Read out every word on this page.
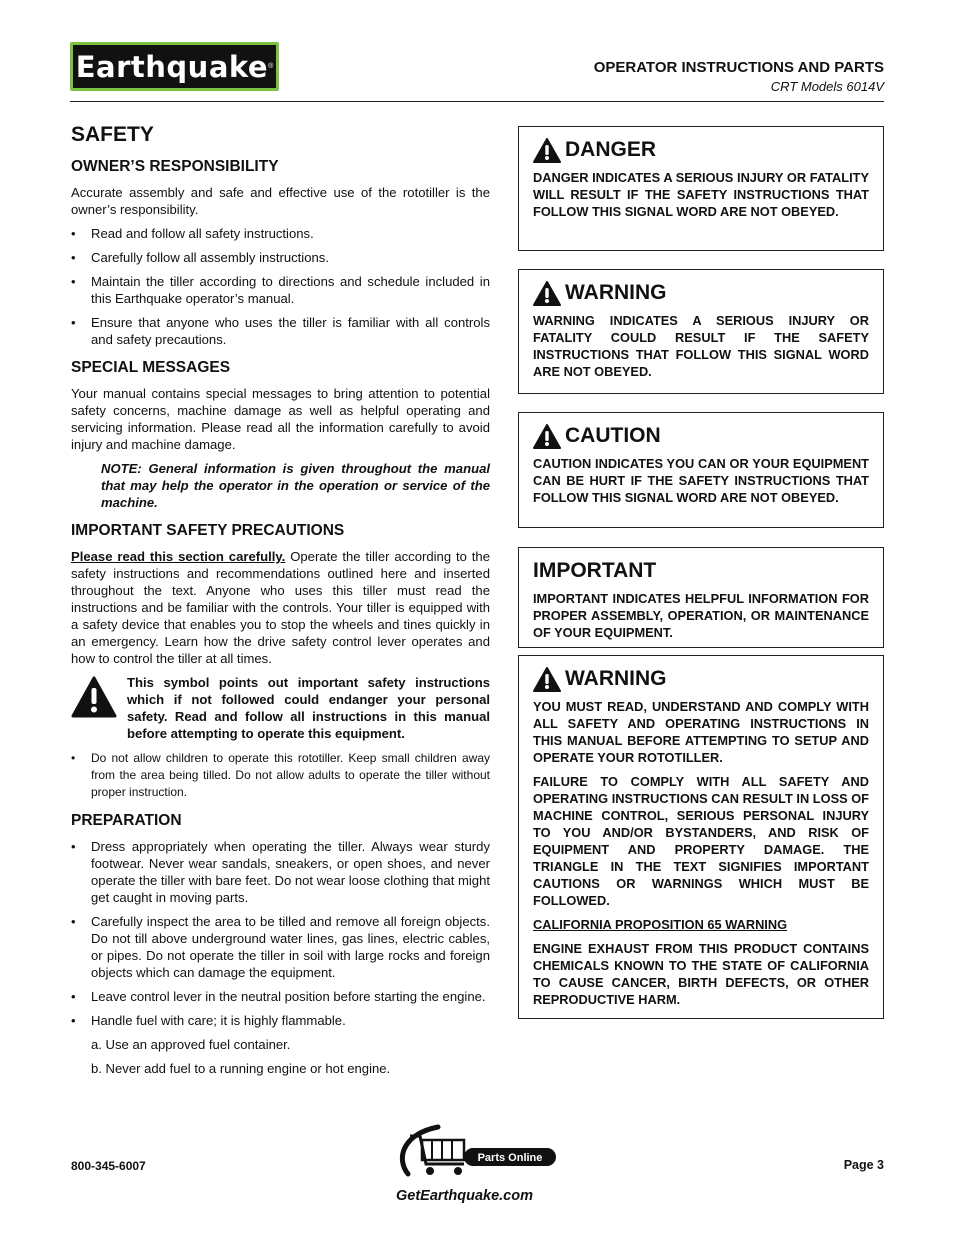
Earthquake ®	OPERATOR INSTRUCTIONS AND PARTS
CRT Models 6014V
SAFETY
OWNER’S RESPONSIBILITY

Accurate assembly and safe and effective use of the rototiller is the owner’s responsibility.

• Read and follow all safety instructions.
• Carefully follow all assembly instructions.
• Maintain the tiller according to directions and schedule included in this Earthquake operator’s manual.
• Ensure that anyone who uses the tiller is familiar with all controls and safety precautions.
SPECIAL MESSAGES

Your manual contains special messages to bring attention to potential safety concerns, machine damage as well as helpful operating and servicing information. Please read all the information carefully to avoid injury and machine damage.

NOTE: General information is given throughout the manual that may help the operator in the operation or service of the machine.

IMPORTANT SAFETY PRECAUTIONS

Please read this section carefully. Operate the tiller according to the safety instructions and recommendations outlined here and inserted throughout the text. Anyone who uses this tiller must read the instructions and be familiar with the controls. Your tiller is equipped with a safety device that enables you to stop the wheels and tines quickly in an emergency. Learn how the drive safety control lever operates and how to control the tiller at all times.

This symbol points out important safety instructions which if not followed could endanger your personal safety. Read and follow all instructions in this manual before attempting to operate this equipment.
• Do not allow children to operate this rototiller. Keep small children away from the area being tilled. Do not allow adults to operate the tiller without proper instruction.
PREPARATION
• Dress appropriately when operating the tiller. Always wear sturdy footwear. Never wear sandals, sneakers, or open shoes, and never operate the tiller with bare feet. Do not wear loose clothing that might get caught in moving parts.
• Carefully inspect the area to be tilled and remove all foreign objects. Do not till above underground water lines, gas lines, electric cables, or pipes. Do not operate the tiller in soil with large rocks and foreign objects which can damage the equipment.
• Leave control lever in the neutral position before starting the engine.
• Handle fuel with care; it is highly flammable.

a. Use an approved fuel container.

b. Never add fuel to a running engine or hot engine.

DANGER

DANGER INDICATES A SERIOUS INJURY OR FATALITY WILL RESULT IF THE SAFETY INSTRUCTIONS THAT FOLLOW THIS SIGNAL WORD ARE NOT OBEYED.

WARNING

WARNING INDICATES A SERIOUS INJURY OR FATALITY COULD RESULT IF THE SAFETY INSTRUCTIONS THAT FOLLOW THIS SIGNAL WORD ARE NOT OBEYED.

CAUTION

CAUTION INDICATES YOU CAN OR YOUR EQUIPMENT CAN BE HURT IF THE SAFETY INSTRUCTIONS THAT FOLLOW THIS SIGNAL WORD ARE NOT OBEYED.

IMPORTANT

IMPORTANT INDICATES HELPFUL INFORMATION FOR PROPER ASSEMBLY, OPERATION, OR MAINTENANCE OF YOUR EQUIPMENT.

WARNING

YOU MUST READ, UNDERSTAND AND COMPLY WITH ALL SAFETY AND OPERATING INSTRUCTIONS IN THIS MANUAL BEFORE ATTEMPTING TO SETUP AND OPERATE YOUR ROTOTILLER.

FAILURE TO COMPLY WITH ALL SAFETY AND OPERATING INSTRUCTIONS CAN RESULT IN LOSS OF MACHINE CONTROL, SERIOUS PERSONAL INJURY TO YOU AND/OR BYSTANDERS, AND RISK OF EQUIPMENT AND PROPERTY DAMAGE. THE TRIANGLE IN THE TEXT SIGNIFIES IMPORTANT CAUTIONS OR WARNINGS WHICH MUST BE FOLLOWED.

CALIFORNIA PROPOSITION 65 WARNING

ENGINE EXHAUST FROM THIS PRODUCT CONTAINS CHEMICALS KNOWN TO THE STATE OF CALIFORNIA TO CAUSE CANCER, BIRTH DEFECTS, OR OTHER REPRODUCTIVE HARM.

800-345-6007
Parts Online
GetEarthquake.com
Page 3
